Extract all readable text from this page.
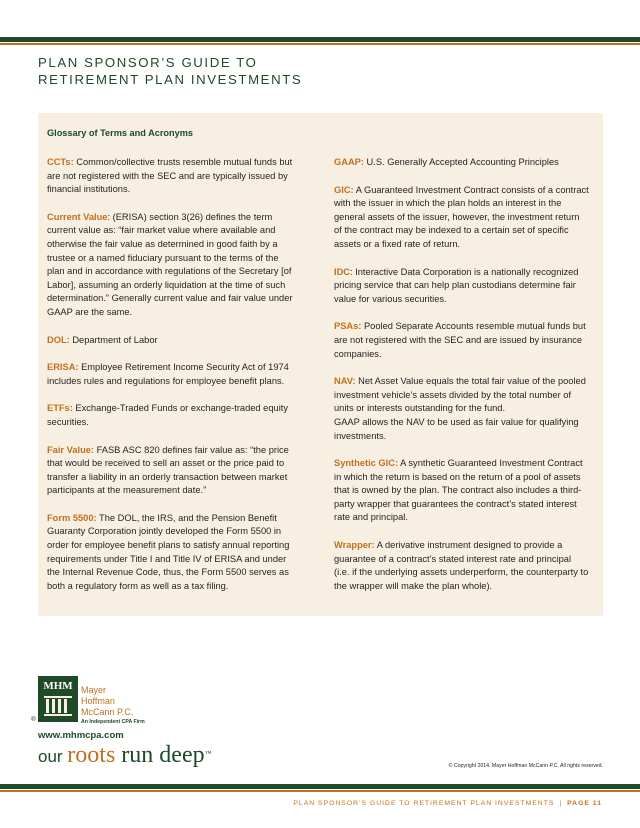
PLAN SPONSOR’S GUIDE TO
RETIREMENT PLAN INVESTMENTS
Glossary of Terms and Acronyms

CCTs: Common/collective trusts resemble mutual funds but are not registered with the SEC and are typically issued by financial institutions.

Current Value: (ERISA) section 3(26) defines the term current value as: “fair market value where available and otherwise the fair value as determined in good faith by a trustee or a named fiduciary pursuant to the terms of the plan and in accordance with regulations of the Secretary [of Labor], assuming an orderly liquidation at the time of such determination.” Generally current value and fair value under GAAP are the same.

DOL: Department of Labor

ERISA: Employee Retirement Income Security Act of 1974 includes rules and regulations for employee benefit plans.

ETFs: Exchange-Traded Funds or exchange-traded equity securities.

Fair Value: FASB ASC 820 defines fair value as: “the price that would be received to sell an asset or the price paid to transfer a liability in an orderly transaction between market participants at the measurement date.”

Form 5500: The DOL, the IRS, and the Pension Benefit Guaranty Corporation jointly developed the Form 5500 in order for employee benefit plans to satisfy annual reporting requirements under Title I and Title IV of ERISA and under the Internal Revenue Code, thus, the Form 5500 serves as both a regulatory form as well as a tax filing.

GAAP: U.S. Generally Accepted Accounting Principles

GIC: A Guaranteed Investment Contract consists of a contract with the issuer in which the plan holds an interest in the general assets of the issuer, however, the investment return of the contract may be indexed to a certain set of specific assets or a fixed rate of return.

IDC: Interactive Data Corporation is a nationally recognized pricing service that can help plan custodians determine fair value for various securities.

PSAs: Pooled Separate Accounts resemble mutual funds but are not registered with the SEC and are issued by insurance companies.

NAV: Net Asset Value equals the total fair value of the pooled investment vehicle’s assets divided by the total number of units or interests outstanding for the fund.

GAAP allows the NAV to be used as fair value for qualifying investments.

Synthetic GIC: A synthetic Guaranteed Investment Contract in which the return is based on the return of a pool of assets that is owned by the plan. The contract also includes a third-party wrapper that guarantees the contract’s stated interest rate and principal.

Wrapper: A derivative instrument designed to provide a guarantee of a contract’s stated interest rate and principal (i.e. if the underlying assets underperform, the counterparty to the wrapper will make the plan whole).

MHM
®
Mayer
Hoffman
McCann P.C.
An Independent CPA Firm
www.mhmcpa.com
our roots run deep™
© Copyright 2014. Mayer Hoffman McCann P.C. All rights reserved.
PLAN SPONSOR’S GUIDE TO RETIREMENT PLAN INVESTMENTS | PAGE 11
